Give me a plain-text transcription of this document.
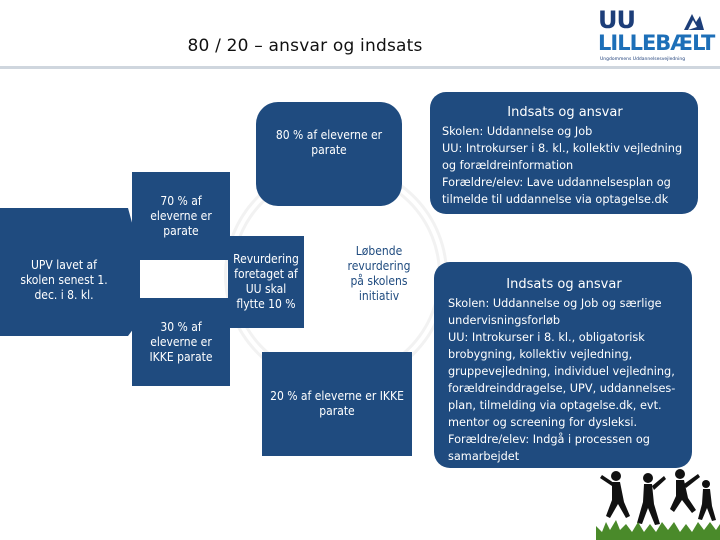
80 / 20 – ansvar og indsats
UU
LILLEBÆLT
Ungdommens Uddannelsesvejledning
UPV lavet af skolen senest 1. dec. i 8. kl.
70 % af eleverne er parate
30 % af eleverne er IKKE parate
80 % af eleverne er parate
20 % af eleverne er IKKE parate
Revurdering foretaget af UU skal flytte 10 %
Løbende revurdering på skolens initiativ
Indsats og ansvar
Skolen: Uddannelse og Job
UU: Introkurser i 8. kl., kollektiv vejledning og forældreinformation
Forældre/elev: Lave uddannelsesplan og tilmelde til uddannelse via optagelse.dk
Indsats og ansvar
Skolen: Uddannelse og Job og særlige undervisningsforløb
UU: Introkurser i 8. kl., obligatorisk brobygning, kollektiv vejledning, gruppevejledning, individuel vejledning, forældreinddragelse, UPV, uddannelses-plan, tilmelding via optagelse.dk, evt. mentor og screening for dysleksi.
Forældre/elev: Indgå i processen og samarbejdet
